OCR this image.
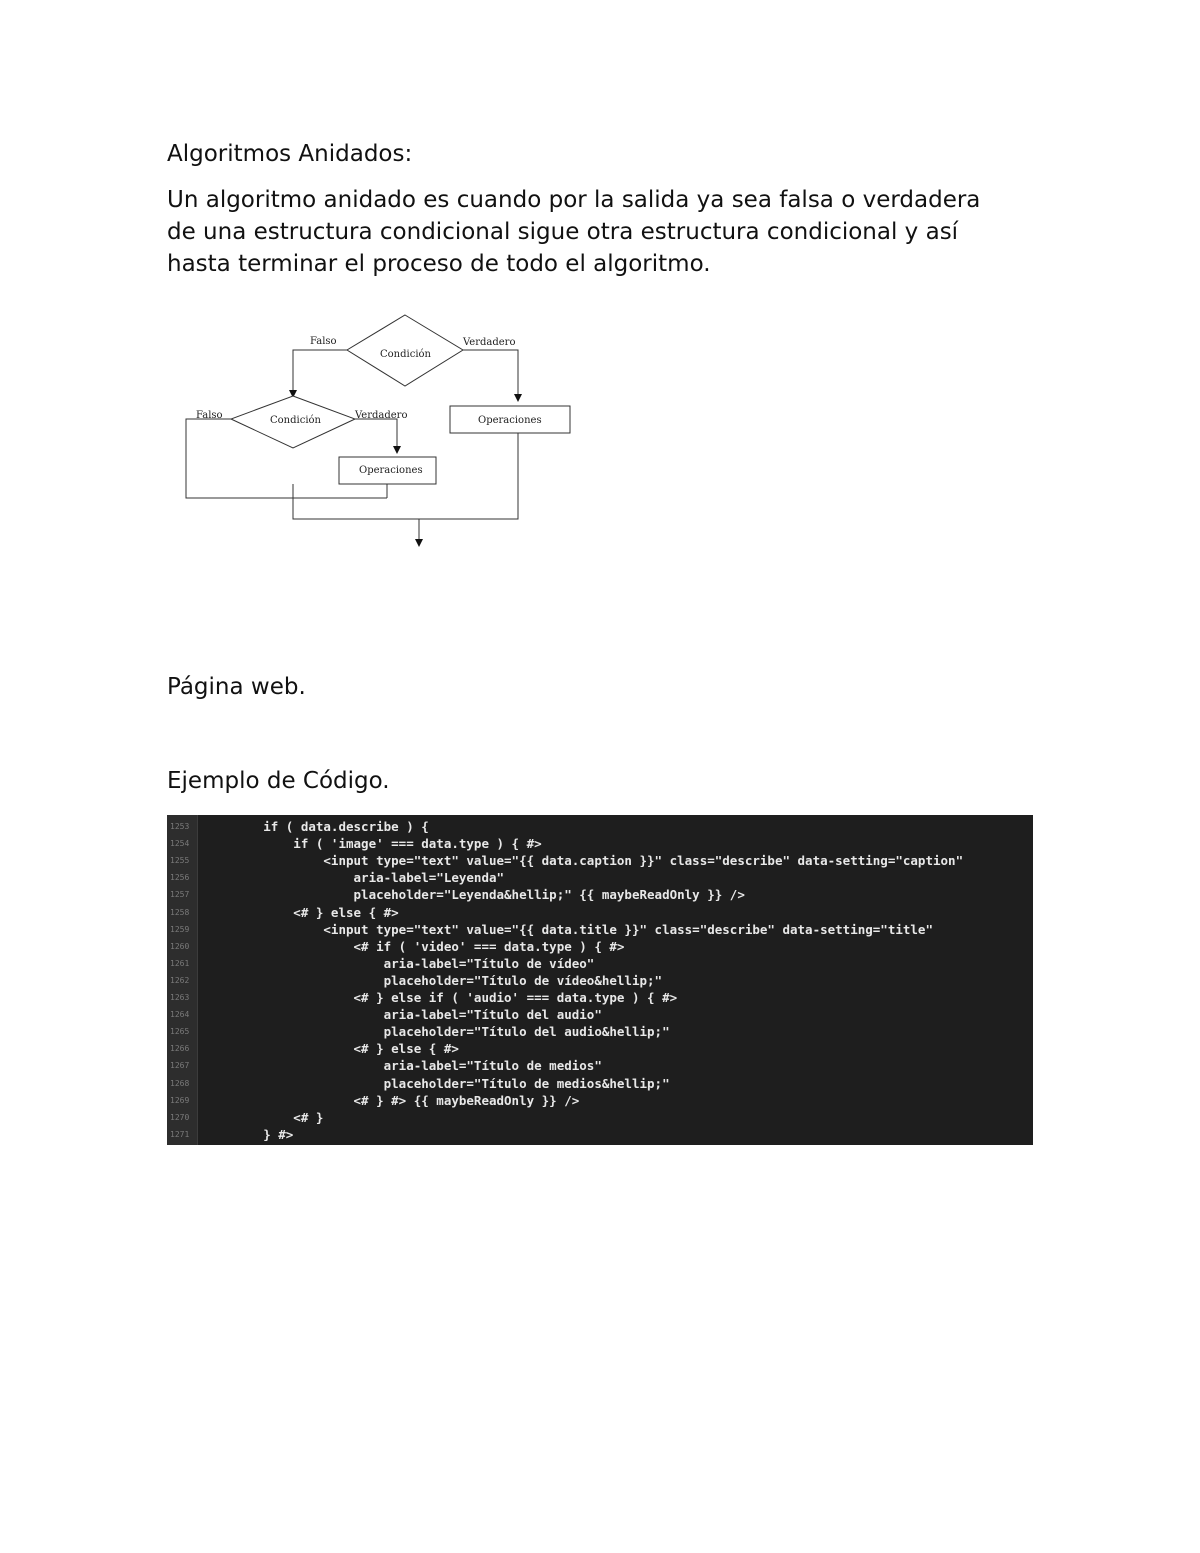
Algoritmos Anidados:

Un algoritmo anidado es cuando por la salida ya sea falsa o verdadera
de una estructura condicional sigue otra estructura condicional y así
hasta terminar el proceso de todo el algoritmo.

Condición
Falso	Verdadero
Operaciones
Condición
Falso	Verdadero
Operaciones

Página web.

Ejemplo de Código.

1253	if ( data.describe ) {
1254	if ( 'image' === data.type ) { #>
1255	<input type="text" value="{{ data.caption }}" class="describe" data-setting="caption"
1256	aria-label="Leyenda"
1257	placeholder="Leyenda&hellip;" {{ maybeReadOnly }} />
1258	<# } else { #>
1259	<input type="text" value="{{ data.title }}" class="describe" data-setting="title"
1260	<# if ( 'video' === data.type ) { #>
1261	aria-label="Título de vídeo"
1262	placeholder="Título de vídeo&hellip;"
1263	<# } else if ( 'audio' === data.type ) { #>
1264	aria-label="Título del audio"
1265	placeholder="Título del audio&hellip;"
1266	<# } else { #>
1267	aria-label="Título de medios"
1268	placeholder="Título de medios&hellip;"
1269	<# } #> {{ maybeReadOnly }} />
1270	<# }
1271	} #>
